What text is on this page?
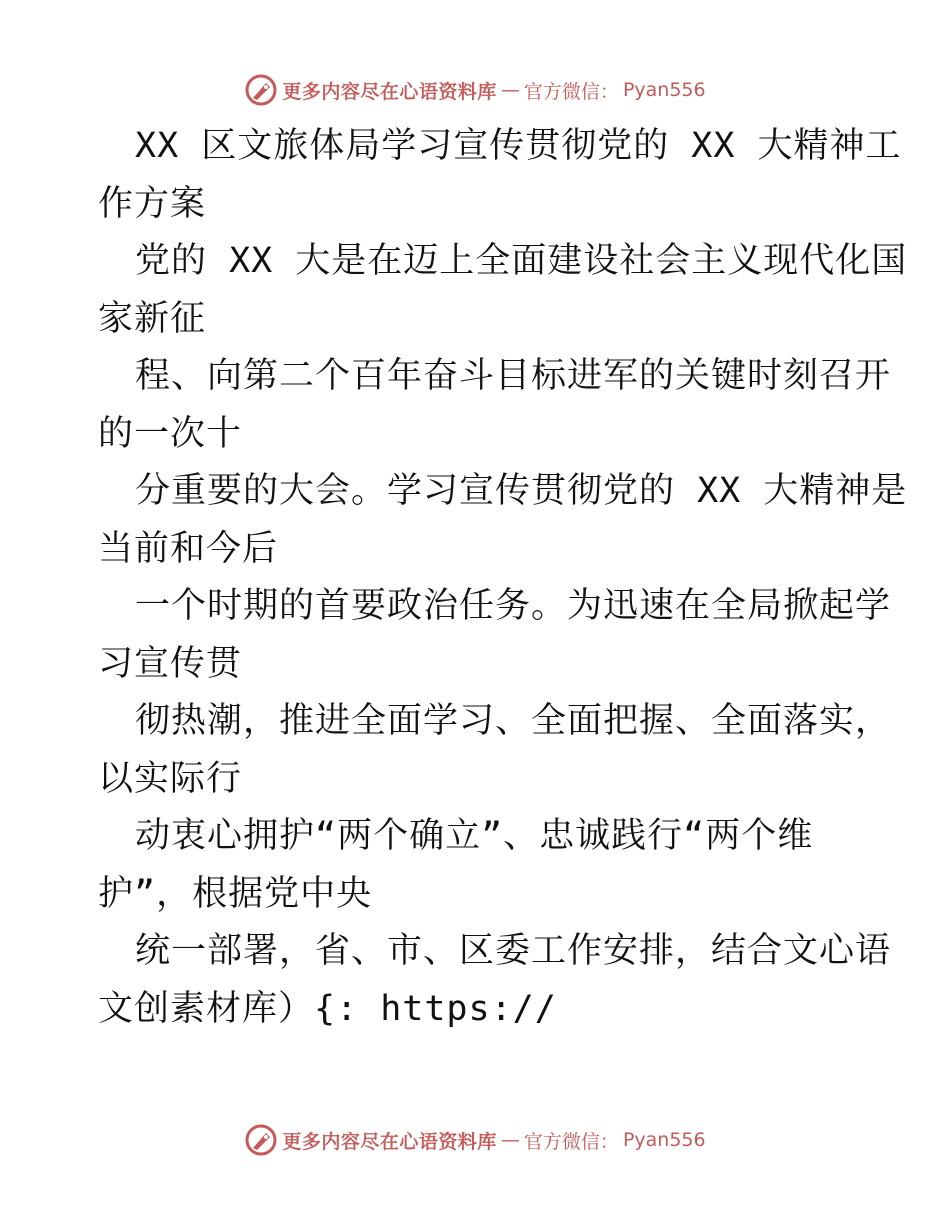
更多内容尽在心语资料库 — 官方微信： Pyan556
XX 区文旅体局学习宣传贯彻党的 XX 大精神工
作方案
党的 XX 大是在迈上全面建设社会主义现代化国
家新征
程、向第二个百年奋斗目标进军的关键时刻召开
的一次十
分重要的大会。学习宣传贯彻党的 XX 大精神是
当前和今后
一个时期的首要政治任务。为迅速在全局掀起学
习宣传贯
彻热潮，推进全面学习、全面把握、全面落实，
以实际行
动衷心拥护“两个确立”、忠诚践行“两个维
护”，根据党中央
统一部署，省、市、区委工作安排，结合文心语
文创素材库）{: https://
更多内容尽在心语资料库 — 官方微信： Pyan556
